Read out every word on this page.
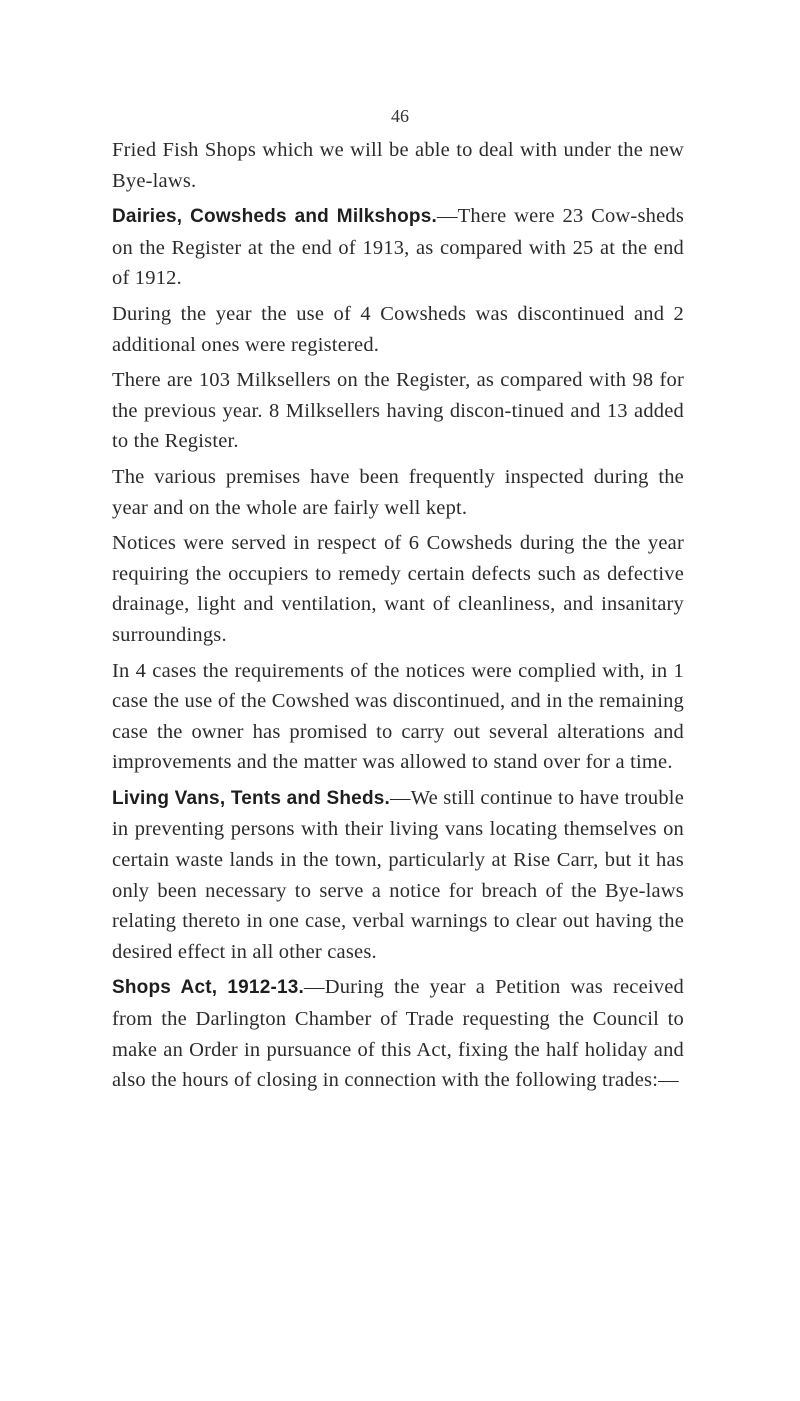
46

Fried Fish Shops which we will be able to deal with under the new Bye-laws.

Dairies, Cowsheds and Milkshops.—There were 23 Cow-sheds on the Register at the end of 1913, as compared with 25 at the end of 1912.

During the year the use of 4 Cowsheds was discontinued and 2 additional ones were registered.

There are 103 Milksellers on the Register, as compared with 98 for the previous year. 8 Milksellers having discon-tinued and 13 added to the Register.

The various premises have been frequently inspected during the year and on the whole are fairly well kept.

Notices were served in respect of 6 Cowsheds during the the year requiring the occupiers to remedy certain defects such as defective drainage, light and ventilation, want of cleanliness, and insanitary surroundings.

In 4 cases the requirements of the notices were complied with, in 1 case the use of the Cowshed was discontinued, and in the remaining case the owner has promised to carry out several alterations and improvements and the matter was allowed to stand over for a time.

Living Vans, Tents and Sheds.—We still continue to have trouble in preventing persons with their living vans locating themselves on certain waste lands in the town, particularly at Rise Carr, but it has only been necessary to serve a notice for breach of the Bye-laws relating thereto in one case, verbal warnings to clear out having the desired effect in all other cases.

Shops Act, 1912-13.—During the year a Petition was received from the Darlington Chamber of Trade requesting the Council to make an Order in pursuance of this Act, fixing the half holiday and also the hours of closing in connection with the following trades:—
